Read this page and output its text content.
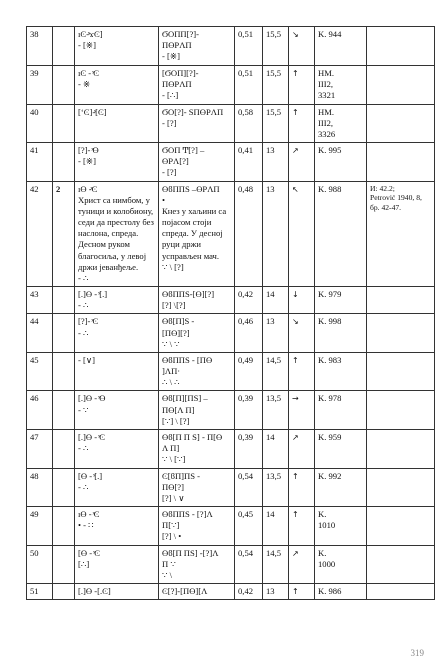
38		ıϾ-ͯϫϾ]
- [※]	ϬOΠΠ[?]-
ΠϴPΛΠ
- [※]	0,51	15,5	↘	K. 944	

39		ıϾ - ͯϾ
- ※	[ϬOΠ][?]-
ΠϴPΛΠ
- [∴]	0,51	15,5	↑	НМ.
ІІІ2,
3321	

40		[ʻϾ]-ͯ[Ͼ]	ϬO[?]- ЅΠϴPΛΠ
- [?]	0,58	15,5	↑	НМ.
ІІІ2,
3326	

41		[?]- ͯϴ
- [※]	ϬOΠ Ͳ[?] –
ϴPΛ[?]
- [?]	0,41	13	↗	K. 995	

42	2	ıϴ -ͯϾ
Христ са нимбом, у туници и колобиону, седи да престолу без наслона, спреда. Десном руком благосиља, у левој држи јеванђеље.
- ∴	ϴϐΠΠЅ –ϴPΛΠ
•
Кнез у хаљини са појасом стоји спреда. У десној руци држи усправљен мач.
∵ \ [?]	0,48	13	↖	K. 988	И: 42.2;
Petrović 1940, 8, бр. 42-47.

43		[.]ϴ - ͯ[.]
- ∴	ϴϐΠΠЅ-[ϴ][?]
[?] \[?]	0,42	14	↓	K. 979	

44		[?]- ͯϾ
- ∴	ϴϐ[Π]Ѕ -
[Πϴ][?]
∵ \ ∵	0,46	13	↘	K. 998	

45		- [∨]	ϴϐΠΠЅ - [Πϴ
]ΛΠ·
∴ \ ∴	0,49	14,5	↑	K. 983	

46		[.]ϴ - ͯϴ
- ∵	ϴϐ[Π][ΠЅ] –
Πϴ[Λ Π]
[∵] \ [?]	0,39	13,5	→	K. 978	

47		[.]ϴ - ͯϾ
- ∴	ϴϐ[Π Π Ѕ] - Π[ϴ
Λ Π]
∵ \ [∵]	0,39	14	↗	K. 959	

48		[ϴ - ͯ[.]
- ∴	Ͼ[ϐΠ]ΠЅ -
Πϴ[?]
[?] \ ∨	0,54	13,5	↑	K. 992	

49		ıϴ - ͯϾ
• - ∷	ϴϐΠΠЅ - [?]Λ
Π[∵]
[?] \ •	0,45	14	↑	K.
1010	

50		[ϴ - ͯϾ
[∴]	ϴϐ[Π ΠЅ] -[?]Λ
Π ∵
∵ \	0,54	14,5	↗	K.
1000	

51		[.]ϴ -[.Ͼ]	Ͼ[?]-[Πϴ][Λ	0,42	13	↑	K. 986	

319
